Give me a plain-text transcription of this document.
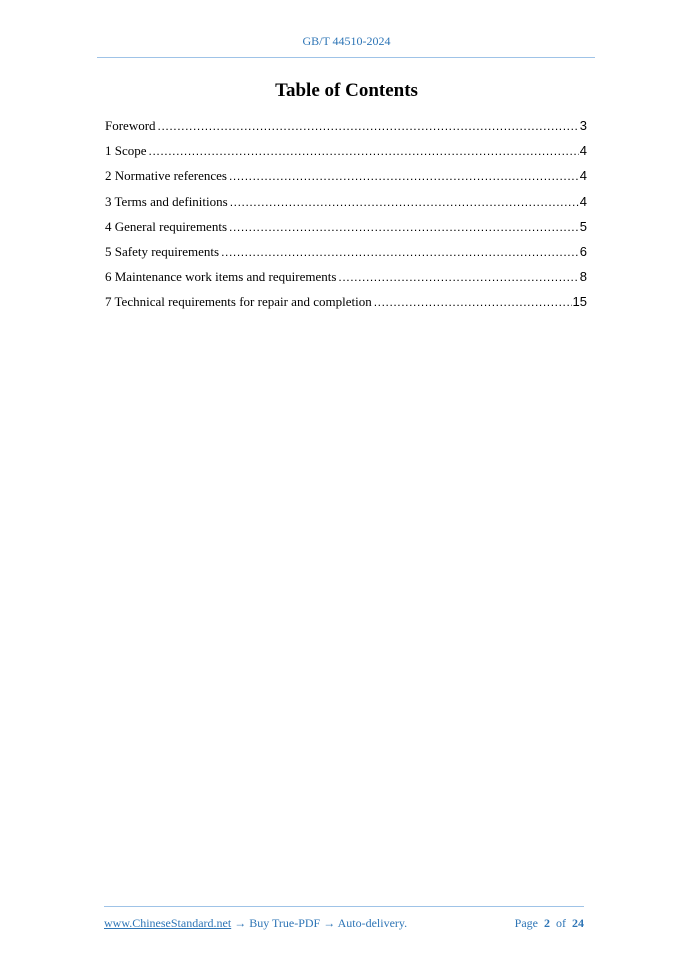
GB/T 44510-2024
Table of Contents
Foreword .....	3
1 Scope .....	4
2 Normative references .....	4
3 Terms and definitions .....	4
4 General requirements .....	5
5 Safety requirements .....	6
6 Maintenance work items and requirements .....	8
7 Technical requirements for repair and completion .....	15
www.ChineseStandard.net → Buy True-PDF → Auto-delivery.	Page 2 of 24
